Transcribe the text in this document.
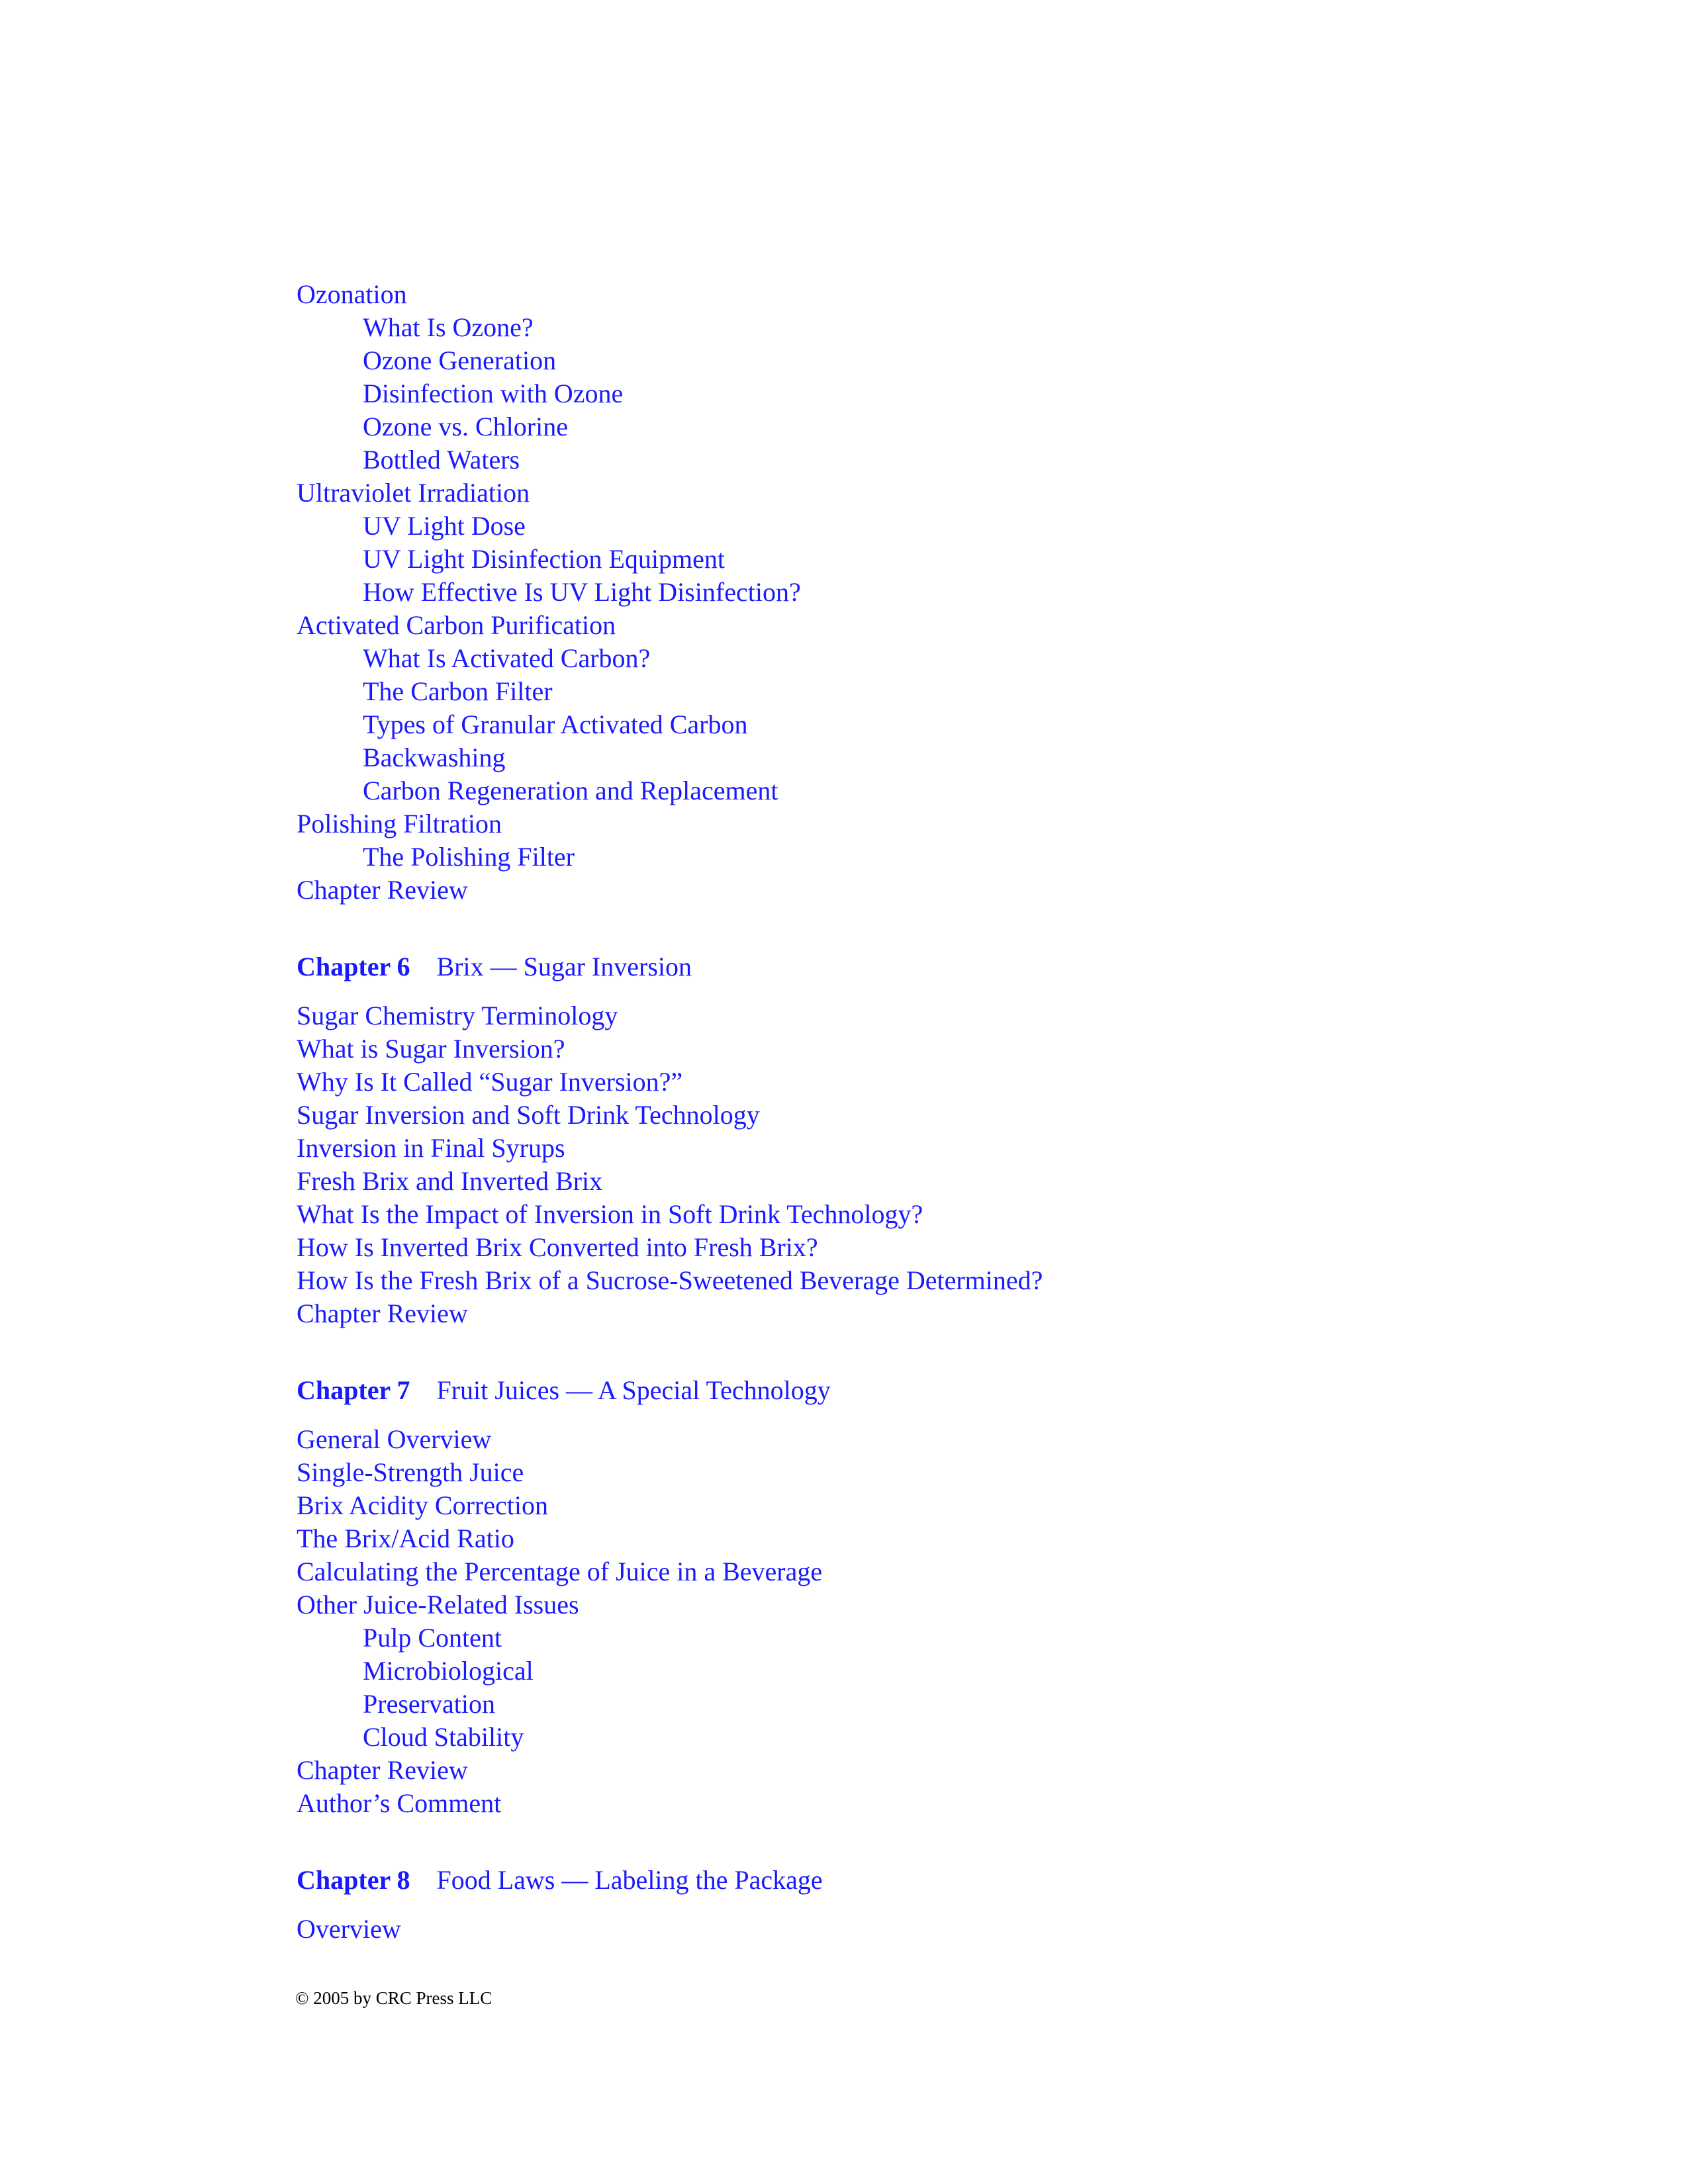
Ozonation
What Is Ozone?
Ozone Generation
Disinfection with Ozone
Ozone vs. Chlorine
Bottled Waters
Ultraviolet Irradiation
UV Light Dose
UV Light Disinfection Equipment
How Effective Is UV Light Disinfection?
Activated Carbon Purification
What Is Activated Carbon?
The Carbon Filter
Types of Granular Activated Carbon
Backwashing
Carbon Regeneration and Replacement
Polishing Filtration
The Polishing Filter
Chapter Review
Chapter 6 Brix — Sugar Inversion
Sugar Chemistry Terminology
What is Sugar Inversion?
Why Is It Called “Sugar Inversion?”
Sugar Inversion and Soft Drink Technology
Inversion in Final Syrups
Fresh Brix and Inverted Brix
What Is the Impact of Inversion in Soft Drink Technology?
How Is Inverted Brix Converted into Fresh Brix?
How Is the Fresh Brix of a Sucrose-Sweetened Beverage Determined?
Chapter Review
Chapter 7 Fruit Juices — A Special Technology
General Overview
Single-Strength Juice
Brix Acidity Correction
The Brix/Acid Ratio
Calculating the Percentage of Juice in a Beverage
Other Juice-Related Issues
Pulp Content
Microbiological
Preservation
Cloud Stability
Chapter Review
Author’s Comment
Chapter 8 Food Laws — Labeling the Package
Overview
© 2005 by CRC Press LLC
